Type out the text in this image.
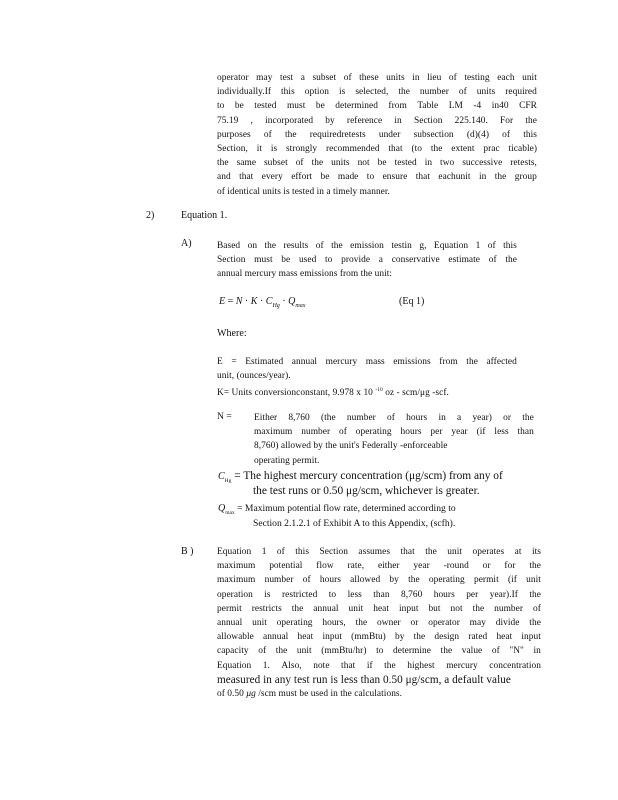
operator may test a subset of these units in lieu of testing each unit
individually.If this option is selected, the number of units required
to be tested must be determined from Table LM -4 in40 CFR
75.19 , incorporated by reference in Section 225.140. For the
purposes of the requiredretests under subsection (d)(4) of this
Section, it is strongly recommended that (to the extent prac ticable)
the same subset of the units not be tested in two successive retests,
and that every effort be made to ensure that eachunit in the group
of identical units is tested in a timely manner.
2)	Equation 1.
A)	Based on the results of the emission testin g, Equation 1 of this
Section must be used to provide a conservative estimate of the
annual mercury mass emissions from the unit:
$E = N \cdot K \cdot C_{Hg} \cdot Q_{max}$	(Eq 1)
Where:
E = Estimated annual mercury mass emissions from the affected
unit, (ounces/year).
K= Units conversionconstant, 9.978 x 10 $^{-10}$ oz - scm/μg -scf.
N = Either 8,760 (the number of hours in a year) or the
maximum number of operating hours per year (if less than
8,760) allowed by the unit's Federally -enforceable
operating permit.
$C_{Hg}$ = The highest mercury concentration (μg/scm) from any of
the test runs or 0.50 μg/scm, whichever is greater.
$Q_{max}$ = Maximum potential flow rate, determined according to
Section 2.1.2.1 of Exhibit A to this Appendix, (scfh).
B )	Equation 1 of this Section assumes that the unit operates at its
maximum potential flow rate, either year -round or for the
maximum number of hours allowed by the operating permit (if unit
operation is restricted to less than 8,760 hours per year).If the
permit restricts the annual unit heat input but not the number of
annual unit operating hours, the owner or operator may divide the
allowable annual heat input (mmBtu) by the design rated heat input
capacity of the unit (mmBtu/hr) to determine the value of "N" in
Equation 1. Also, note that if the highest mercury concentration
measured in any test run is less than 0.50 μg/scm, a default value
of 0.50 μg /scm must be used in the calculations.
